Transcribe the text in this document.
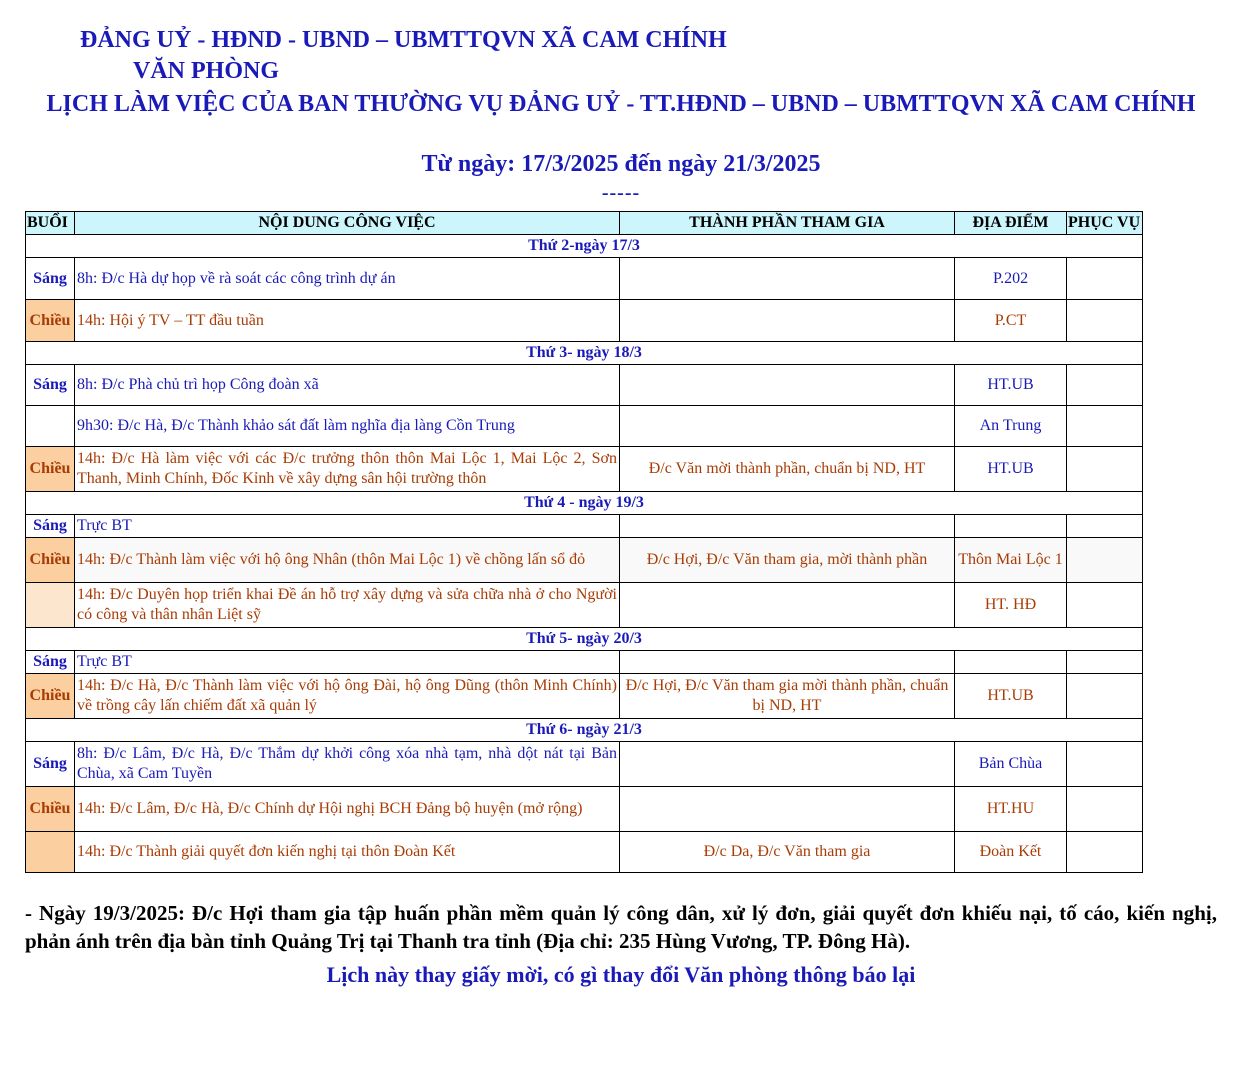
ĐẢNG UỶ - HĐND - UBND – UBMTTQVN XÃ CAM CHÍNH
VĂN PHÒNG
LỊCH LÀM VIỆC CỦA BAN THƯỜNG VỤ ĐẢNG UỶ - TT.HĐND – UBND – UBMTTQVN XÃ CAM CHÍNH
Từ ngày: 17/3/2025 đến ngày 21/3/2025
-----
BUỔI	NỘI DUNG CÔNG VIỆC	THÀNH PHẦN THAM GIA	ĐỊA ĐIỂM	PHỤC VỤ
Thứ 2-ngày 17/3				
Sáng	8h: Đ/c Hà dự họp về rà soát các công trình dự án		P.202	
Chiều	14h: Hội ý TV – TT đầu tuần		P.CT	
Thứ 3- ngày 18/3				
Sáng	8h: Đ/c Phà chủ trì họp Công đoàn xã		HT.UB	
	9h30: Đ/c Hà, Đ/c Thành khảo sát đất làm nghĩa địa làng Cồn Trung		An Trung	
Chiều	14h: Đ/c Hà làm việc với các Đ/c trưởng thôn thôn Mai Lộc 1, Mai Lộc 2, Sơn Thanh, Minh Chính, Đốc Kỉnh về xây dựng sân hội trường thôn	Đ/c Văn mời thành phần, chuẩn bị ND, HT	HT.UB	
Thứ 4 - ngày 19/3				
Sáng	Trực BT			
Chiều	14h: Đ/c Thành làm việc với hộ ông Nhân (thôn Mai Lộc 1) về chồng lấn sổ đỏ	Đ/c Hợi, Đ/c Văn tham gia, mời thành phần	Thôn Mai Lộc 1	
	14h: Đ/c Duyên họp triển khai Đề án hỗ trợ xây dựng và sửa chữa nhà ở cho Người có công và thân nhân Liệt sỹ		HT. HĐ	
Thứ 5- ngày 20/3				
Sáng	Trực BT			
Chiều	14h: Đ/c Hà, Đ/c Thành làm việc với hộ ông Đài, hộ ông Dũng (thôn Minh Chính) về trồng cây lấn chiếm đất xã quản lý	Đ/c Hợi, Đ/c Văn tham gia mời thành phần, chuẩn bị ND, HT	HT.UB	
Thứ 6- ngày 21/3				
Sáng	8h: Đ/c Lâm, Đ/c Hà, Đ/c Thắm dự khởi công xóa nhà tạm, nhà dột nát tại Bản Chùa, xã Cam Tuyền		Bản Chùa	
Chiều	14h: Đ/c Lâm, Đ/c Hà, Đ/c Chính dự Hội nghị BCH Đảng bộ huyện (mở rộng)		HT.HU	
	14h: Đ/c Thành giải quyết đơn kiến nghị tại thôn Đoàn Kết	Đ/c Da, Đ/c Văn tham gia	Đoàn Kết	
- Ngày 19/3/2025: Đ/c Hợi tham gia tập huấn phần mềm quản lý công dân, xử lý đơn, giải quyết đơn khiếu nại, tố cáo, kiến nghị, phản ánh trên địa bàn tỉnh Quảng Trị tại Thanh tra tỉnh (Địa chỉ: 235 Hùng Vương, TP. Đông Hà).
Lịch này thay giấy mời, có gì thay đổi Văn phòng thông báo lại
